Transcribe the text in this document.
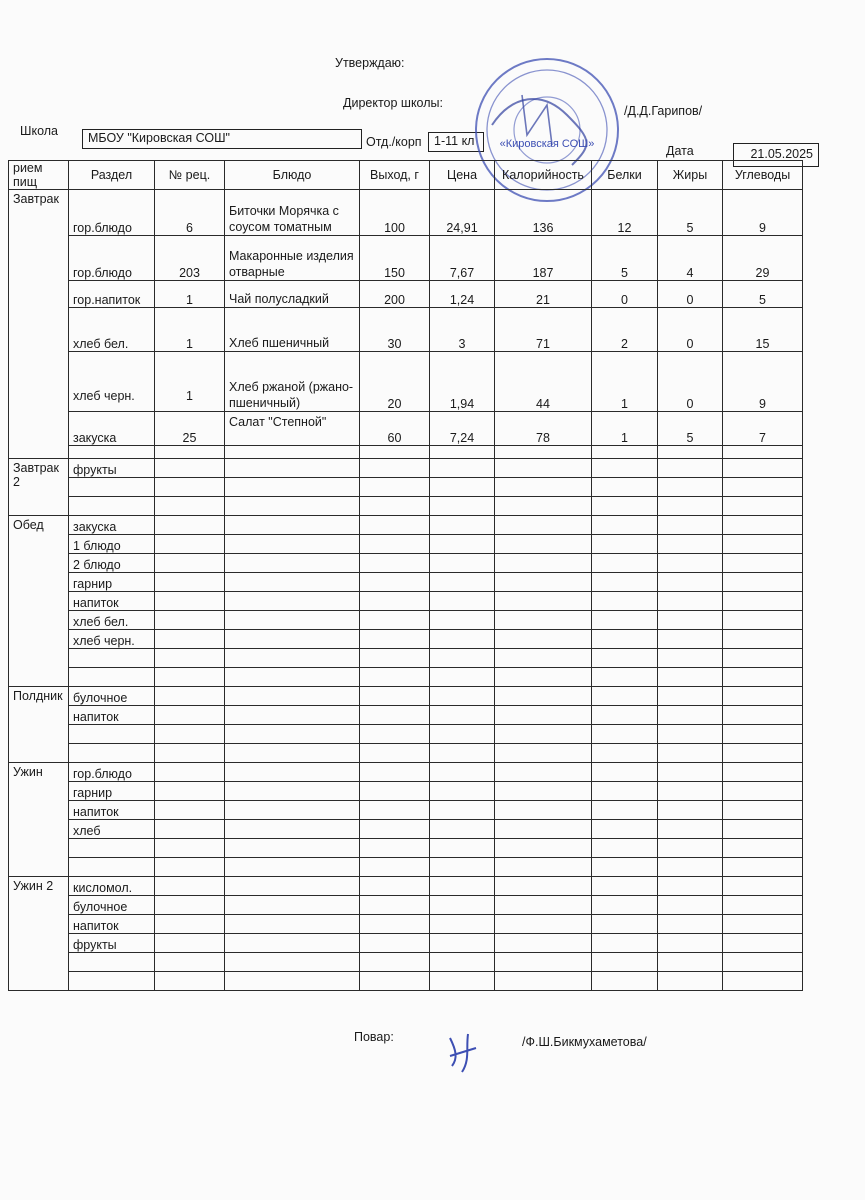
Утверждаю:
Директор школы:
/Д.Д.Гарипов/
Школа	МБОУ "Кировская СОШ"	Отд./корп 1-11 кл
Дата	21.05.2025
«Кировская СОШ»
рием пищ	Раздел	№ рец.	Блюдо	Выход, г	Цена	Калорийность	Белки	Жиры	Углеводы
Завтрак	гор.блюдо	6	Биточки Морячка с соусом томатным	100	24,91	136	12	5	9
	гор.блюдо	203	Макаронные изделия отварные	150	7,67	187	5	4	29
	гор.напиток	1	Чай полусладкий	200	1,24	21	0	0	5
	хлеб бел.	1	Хлеб пшеничный	30	3	71	2	0	15
	хлеб черн.	1	Хлеб ржаной (ржано-пшеничный)	20	1,94	44	1	0	9
	закуска	25	Салат "Степной"	60	7,24	78	1	5	7

Завтрак 2	фрукты								

Обед	закуска								
	1 блюдо								
	2 блюдо								
	гарнир								
	напиток								
	хлеб бел.								
	хлеб черн.								

Полдник	булочное								
	напиток								

Ужин	гор.блюдо								
	гарнир								
	напиток								
	хлеб								

Ужин 2	кисломол.								
	булочное								
	напиток								
	фрукты								

Повар:	/Ф.Ш.Бикмухаметова/
